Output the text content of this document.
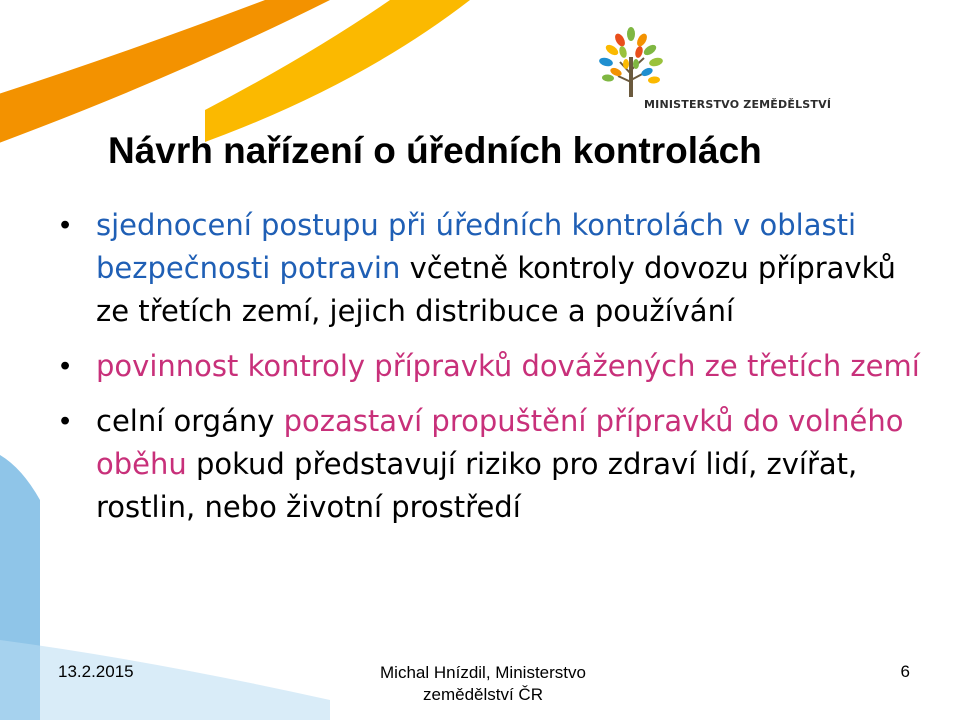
MINISTERSTVO ZEMĚDĚLSTVÍ
Návrh nařízení o úředních kontrolách
• sjednocení postupu při úředních kontrolách v oblasti bezpečnosti potravin včetně kontroly dovozu přípravků ze třetích zemí, jejich distribuce a používání
• povinnost kontroly přípravků dovážených ze třetích zemí
• celní orgány pozastaví propuštění přípravků do volného oběhu pokud představují riziko pro zdraví lidí, zvířat, rostlin, nebo životní prostředí
13.2.2015	Michal Hnízdil, Ministerstvo zemědělství ČR
6
